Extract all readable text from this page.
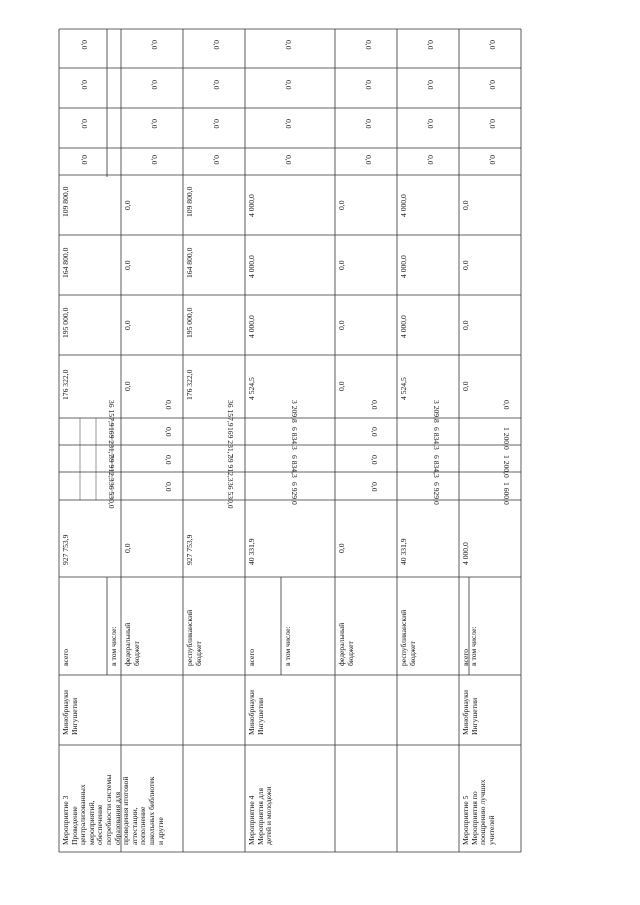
Мероприятие 3
Проведение
централизованных
мероприятий,
обеспечение
потребности системы
образования для
проведения итоговой
аттестации,
пополнение
школьных библиотек
и другие
Минобрнауки
Ингушетии
всего
927 753,9
36 530,0
39 912,3
169 231,7
36 157,9
176 322,0
195 000,0
164 800,0
109 800,0
0,0
0,0
0,0
0,0
в том числе: федеральный
бюджет
0,0
0,0
0,0
0,0
0,0
0,0
0,0
0,0
0,0
0,0
0,0
0,0
0,0
республиканский
бюджет
927 753,9
36 530,0
39 912,3
169 231,7
36 157,9
176 322,0
195 000,0
164 800,0
109 800,0
0,0
0,0
0,0
0,0
Мероприятие 4
Мероприятия для
детей и молодежи
Минобрнауки
Ингушетии
всего
40 331,9
6 929,0
6 834,3
6 834,3
3 209,8
4 524,5
4 000,0
4 000,0
4 000,0
0,0
0,0
0,0
0,0
в том числе:	федеральный
бюджет
0,0
0,0
0,0
0,0
0,0
0,0
0,0
0,0
0,0
0,0
0,0
0,0
0,0
республиканский
бюджет
40 331,9
6 929,0
6 834,3
6 834,3
3 209,8
4 524,5
4 000,0
4 000,0
4 000,0
0,0
0,0
0,0
0,0
Мероприятие 5
Мероприятия по
поощрению лучших
учителей
Минобрнауки
Ингушетии
всего
4 000,0
1 600,0
1 200,0
1 200,0
0,0
0,0
0,0
0,0
0,0
0,0
0,0
0,0
0,0
в том числе:
